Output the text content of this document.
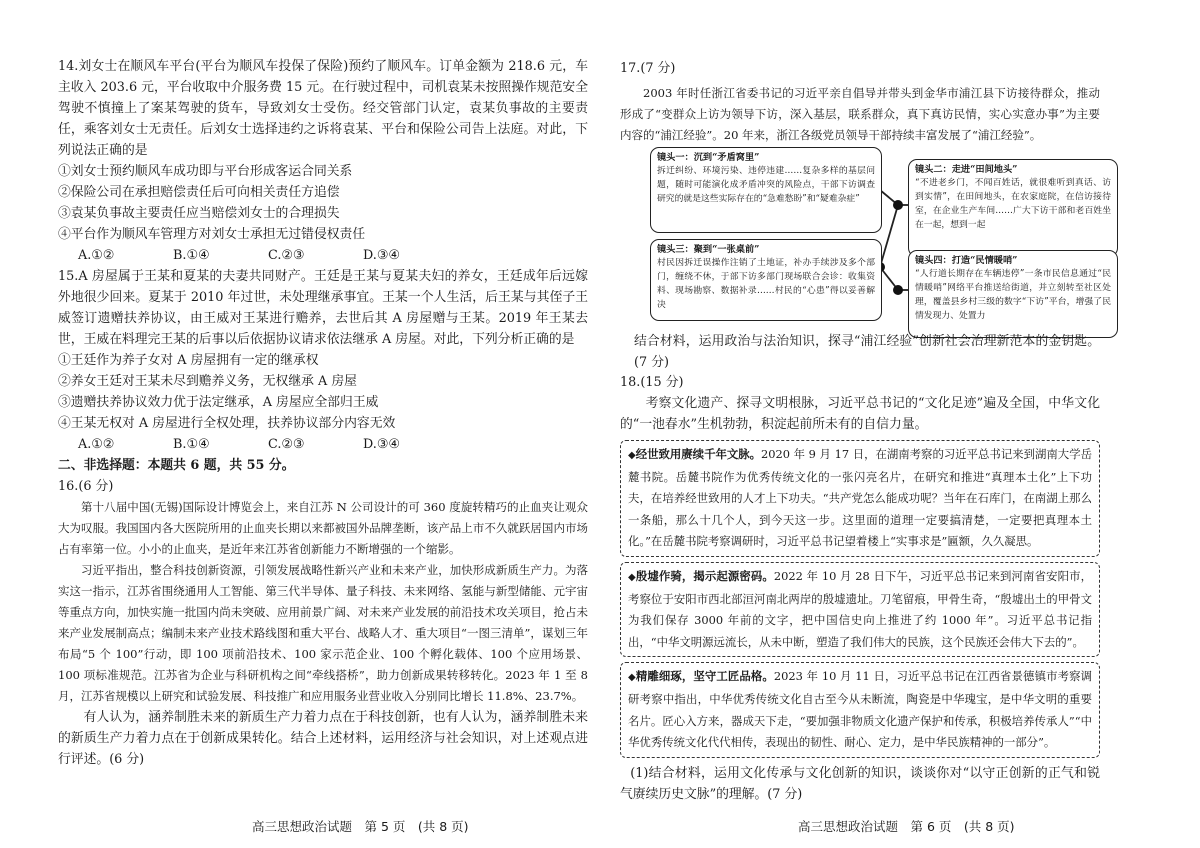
14.刘女士在顺风车平台(平台为顺风车投保了保险)预约了顺风车。订单金额为 218.6 元，车主收入 203.6 元，平台收取中介服务费 15 元。在行驶过程中，司机袁某未按照操作规范安全驾驶不慎撞上了案某驾驶的货车，导致刘女士受伤。经交管部门认定，袁某负事故的主要责任，乘客刘女士无责任。后刘女士选择违约之诉将袁某、平台和保险公司告上法庭。对此，下列说法正确的是

①刘女士预约顺风车成功即与平台形成客运合同关系

②保险公司在承担赔偿责任后可向相关责任方追偿

③袁某负事故主要责任应当赔偿刘女士的合理损失

④平台作为顺风车管理方对刘女士承担无过错侵权责任

A.①②	B.①④	C.②③	D.③④

15.A 房屋属于王某和夏某的夫妻共同财产。王廷是王某与夏某夫妇的养女，王廷成年后远嫁外地很少回来。夏某于 2010 年过世，未处理继承事宜。王某一个人生活，后王某与其侄子王威签订遗赠扶养协议，由王威对王某进行赡养，去世后其 A 房屋赠与王某。2019 年王某去世，王威在料理完王某的后事以后依据协议请求依法继承 A 房屋。对此，下列分析正确的是

①王廷作为养子女对 A 房屋拥有一定的继承权

②养女王廷对王某未尽到赡养义务，无权继承 A 房屋

③遗赠扶养协议效力优于法定继承，A 房屋应全部归王威

④王某无权对 A 房屋进行全权处理，扶养协议部分内容无效

A.①②	B.①④	C.②③	D.③④
二、非选择题：本题共 6 题，共 55 分。

16.(6 分)

第十八届中国(无锡)国际设计博览会上，来自江苏 N 公司设计的可 360 度旋转精巧的止血夹让观众大为叹服。我国国内各大医院所用的止血夹长期以来都被国外品牌垄断，该产品上市不久就跃居国内市场占有率第一位。小小的止血夹，是近年来江苏省创新能力不断增强的一个缩影。

习近平指出，整合科技创新资源，引领发展战略性新兴产业和未来产业，加快形成新质生产力。为落实这一指示，江苏省围绕通用人工智能、第三代半导体、量子科技、未来网络、氢能与新型储能、元宇宙等重点方向，加快实施一批国内尚未突破、应用前景广阔、对未来产业发展的前沿技术攻关项目，抢占未来产业发展制高点；编制未来产业技术路线图和重大平台、战略人才、重大项目“一图三清单”，谋划三年布局“5 个 100”行动，即 100 项前沿技术、100 家示范企业、100 个孵化载体、100 个应用场景、100 项标准规范。江苏省为企业与科研机构之间“牵线搭桥”，助力创新成果转移转化。2023 年 1 至 8 月，江苏省规模以上研究和试验发展、科技推广和应用服务业营业收入分别同比增长 11.8%、23.7%。

有人认为，涵养制胜未来的新质生产力着力点在于科技创新，也有人认为，涵养制胜未来的新质生产力着力点在于创新成果转化。结合上述材料，运用经济与社会知识，对上述观点进行评述。(6 分)

高三思想政治试题　第 5 页　(共 8 页)

17.(7 分)

2003 年时任浙江省委书记的习近平亲自倡导并带头到金华市浦江县下访接待群众，推动形成了“变群众上访为领导下访，深入基层，联系群众，真下真访民情，实心实意办事”为主要内容的“浦江经验”。20 年来，浙江各级党员领导干部持续丰富发展了“浦江经验”。

镜头一：沉到“矛盾窝里”
拆迁纠纷、环境污染、违停违建……复杂多样的基层问题，随时可能演化成矛盾冲突的风险点，干部下访调查研究的就是这些实际存在的“急难愁盼”和“疑难杂症”
镜头二：走进“田间地头”
“不进老乡门，不闻百姓话，就很难听到真话、访到实情”，在田间地头，在农家庭院，在信访接待室，在企业生产车间……广大下访干部和老百姓坐在一起，想到一起
镜头三：聚到“一张桌前”
村民因拆迁误操作注销了土地证，补办手续涉及多个部门，缠绕不休，于部下访多部门现场联合会诊：收集资料、现场勘察、数据补录……村民的“心患”得以妥善解决
镜头四：打造“民情暖哨”
“人行道长期存在车辆违停”一条市民信息通过“民情暖哨”网络平台推送给街道，并立刻转至社区处理，覆盖县乡村三级的数字“下访”平台，增强了民情发现力、处置力

结合材料，运用政治与法治知识，探寻“浦江经验”创新社会治理新范本的金钥匙。(7 分)

18.(15 分)

考察文化遗产、探寻文明根脉，习近平总书记的“文化足迹”遍及全国，中华文化的“一池春水”生机勃勃，积淀起前所未有的自信力量。

◆经世致用赓续千年文脉。2020 年 9 月 17 日，在湖南考察的习近平总书记来到湖南大学岳麓书院。岳麓书院作为优秀传统文化的一张闪亮名片，在研究和推进“真理本土化”上下功夫，在培养经世致用的人才上下功夫。“共产党怎么能成功呢？当年在石库门，在南湖上那么一条船，那么十几个人，到今天这一步。这里面的道理一定要搞清楚，一定要把真理本土化。”在岳麓书院考察调研时，习近平总书记望着楼上“实事求是”匾额，久久凝思。
◆殷墟作骑，揭示起源密码。2022 年 10 月 28 日下午，习近平总书记来到河南省安阳市，考察位于安阳市西北部洹河南北两岸的殷墟遗址。刀笔留痕，甲骨生奇，“殷墟出土的甲骨文为我们保存 3000 年前的文字，把中国信史向上推进了约 1000 年”。习近平总书记指出，“中华文明源远流长，从未中断，塑造了我们伟大的民族，这个民族还会伟大下去的”。
◆精雕细琢，坚守工匠品格。2023 年 10 月 11 日，习近平总书记在江西省景德镇市考察调研考察中指出，中华优秀传统文化自古至今从未断流，陶瓷是中华瑰宝，是中华文明的重要名片。匠心入方来，器成天下走，“要加强非物质文化遗产保护和传承，积极培养传承人”“中华优秀传统文化代代相传，表现出的韧性、耐心、定力，是中华民族精神的一部分”。

(1)结合材料，运用文化传承与文化创新的知识，谈谈你对“以守正创新的正气和锐气赓续历史文脉”的理解。(7 分)

高三思想政治试题　第 6 页　(共 8 页)
